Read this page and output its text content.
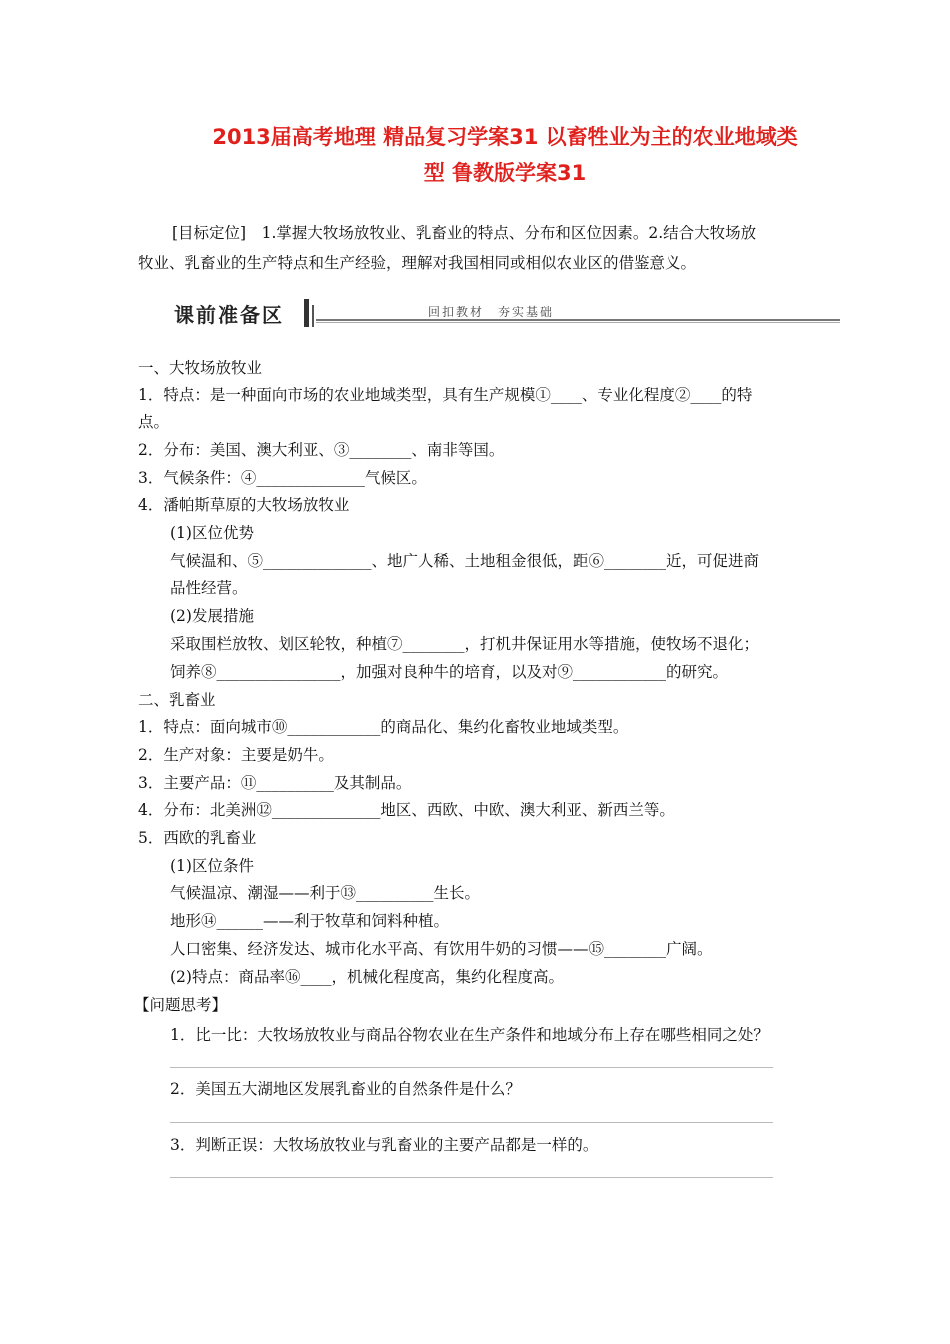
2013届高考地理 精品复习学案31 以畜牲业为主的农业地域类
型 鲁教版学案31
[目标定位]　1.掌握大牧场放牧业、乳畜业的特点、分布和区位因素。2.结合大牧场放
牧业、乳畜业的生产特点和生产经验，理解对我国相同或相似农业区的借鉴意义。
课前准备区	回扣教材　夯实基础
一、大牧场放牧业
1．特点：是一种面向市场的农业地域类型，具有生产规模①____、专业化程度②____的特
点。
2．分布：美国、澳大利亚、③________、南非等国。
3．气候条件：④______________气候区。
4．潘帕斯草原的大牧场放牧业
(1)区位优势
气候温和、⑤______________、地广人稀、土地租金很低，距⑥________近，可促进商
品性经营。
(2)发展措施
采取围栏放牧、划区轮牧，种植⑦________，打机井保证用水等措施，使牧场不退化；
饲养⑧________________，加强对良种牛的培育，以及对⑨____________的研究。
二、乳畜业
1．特点：面向城市⑩____________的商品化、集约化畜牧业地域类型。
2．生产对象：主要是奶牛。
3．主要产品：⑪__________及其制品。
4．分布：北美洲⑫______________地区、西欧、中欧、澳大利亚、新西兰等。
5．西欧的乳畜业
(1)区位条件
气候温凉、潮湿——利于⑬__________生长。
地形⑭______——利于牧草和饲料种植。
人口密集、经济发达、城市化水平高、有饮用牛奶的习惯——⑮________广阔。
(2)特点：商品率⑯____，机械化程度高，集约化程度高。
【问题思考】
1．比一比：大牧场放牧业与商品谷物农业在生产条件和地域分布上存在哪些相同之处？
2．美国五大湖地区发展乳畜业的自然条件是什么？
3．判断正误：大牧场放牧业与乳畜业的主要产品都是一样的。
